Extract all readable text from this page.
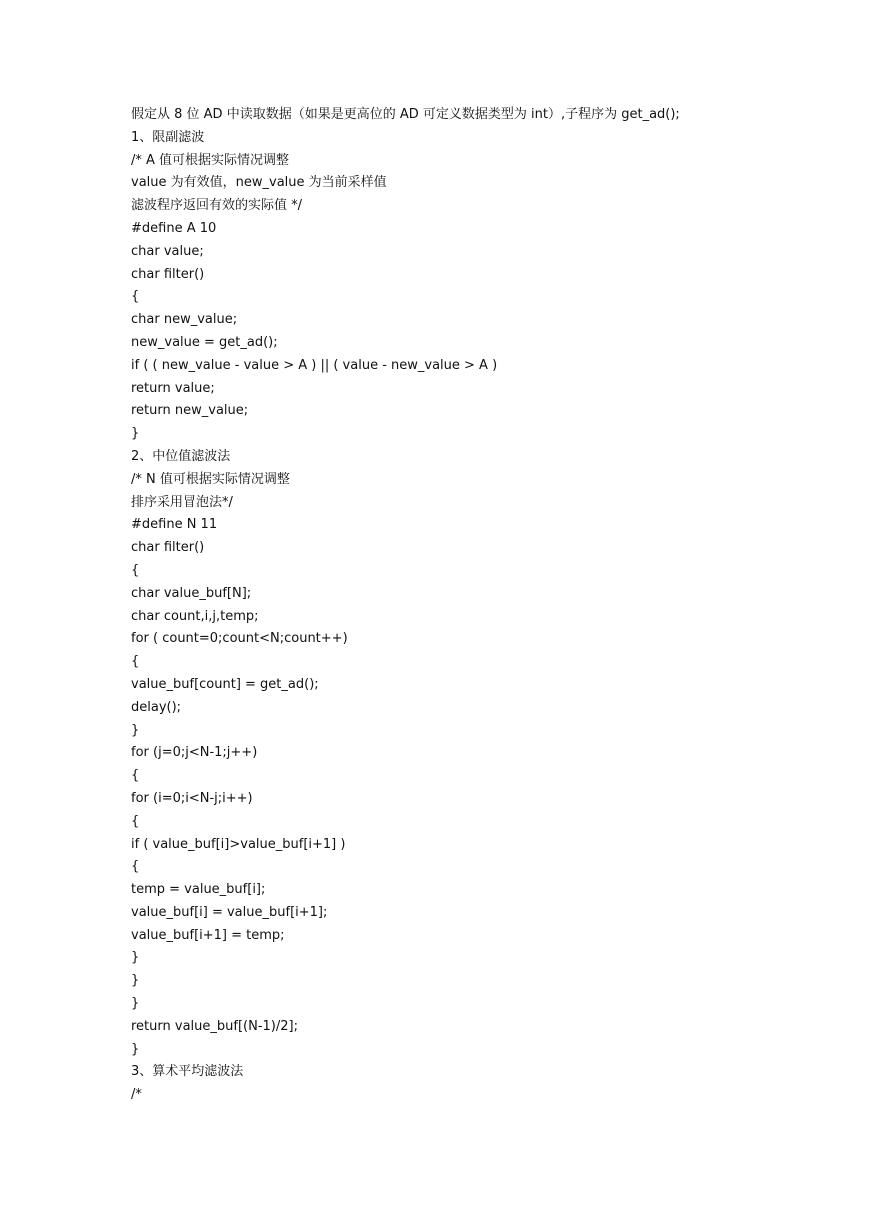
假定从 8 位 AD 中读取数据（如果是更高位的 AD 可定义数据类型为 int）,子程序为 get_ad();
1、限副滤波
/* A 值可根据实际情况调整
value 为有效值，new_value 为当前采样值
滤波程序返回有效的实际值 */
#define A 10
char value;
char filter()
{
char new_value;
new_value = get_ad();
if ( ( new_value - value > A ) || ( value - new_value > A )
return value;
return new_value;
}
2、中位值滤波法
/* N 值可根据实际情况调整
排序采用冒泡法*/
#define N 11
char filter()
{
char value_buf[N];
char count,i,j,temp;
for ( count=0;count<N;count++)
{
value_buf[count] = get_ad();
delay();
}
for (j=0;j<N-1;j++)
{
for (i=0;i<N-j;i++)
{
if ( value_buf[i]>value_buf[i+1] )
{
temp = value_buf[i];
value_buf[i] = value_buf[i+1];
value_buf[i+1] = temp;
}
}
}
return value_buf[(N-1)/2];
}
3、算术平均滤波法
/*
